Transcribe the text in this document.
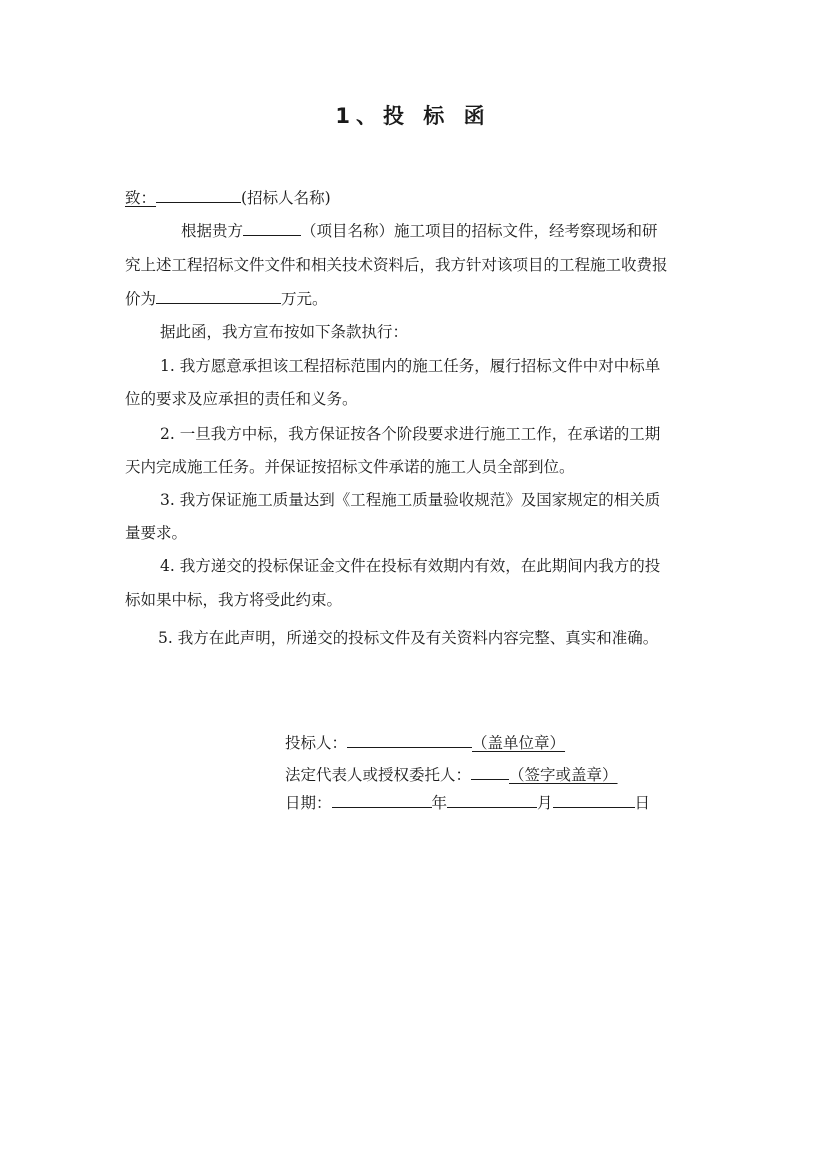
1、投 标 函
致：	(招标人名称)
根据贵方	（项目名称）施工项目的招标文件，经考察现场和研
究上述工程招标文件文件和相关技术资料后，我方针对该项目的工程施工收费报
价为	万元。
据此函，我方宣布按如下条款执行：
1. 我方愿意承担该工程招标范围内的施工任务，履行招标文件中对中标单
位的要求及应承担的责任和义务。
2. 一旦我方中标，我方保证按各个阶段要求进行施工工作，在承诺的工期
天内完成施工任务。并保证按招标文件承诺的施工人员全部到位。
3. 我方保证施工质量达到《工程施工质量验收规范》及国家规定的相关质
量要求。
4. 我方递交的投标保证金文件在投标有效期内有效，在此期间内我方的投
标如果中标，我方将受此约束。
5. 我方在此声明，所递交的投标文件及有关资料内容完整、真实和准确。
投标人：	（盖单位章）
法定代表人或授权委托人： （签字或盖章）
日期：	年	月	日
